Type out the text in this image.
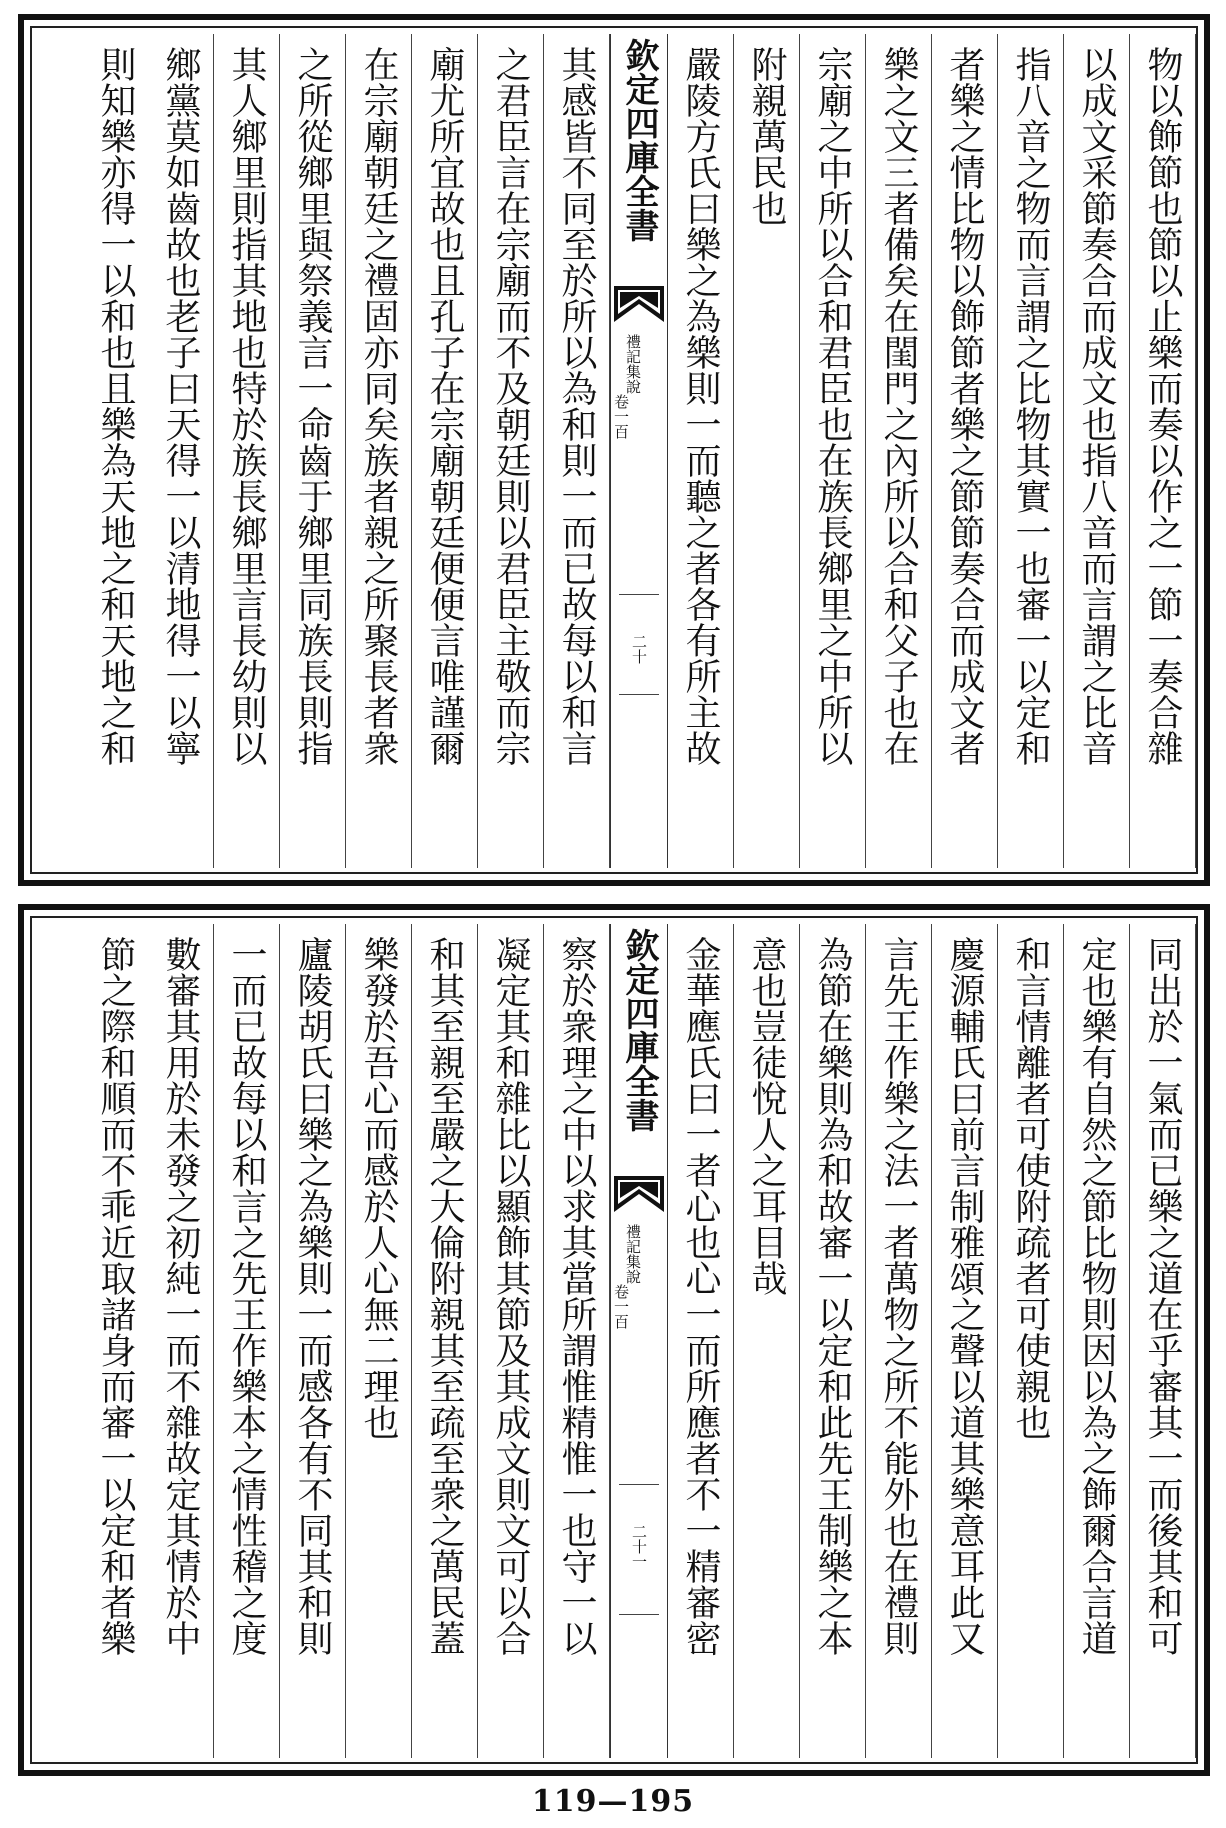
物以飾節也節以止樂而奏以作之一節一奏合雜
以成文采節奏合而成文也指八音而言謂之比音
指八音之物而言謂之比物其實一也審一以定和
者樂之情比物以飾節者樂之節節奏合而成文者
樂之文三者備矣在閨門之內所以合和父子也在
宗廟之中所以合和君臣也在族長鄉里之中所以
附親萬民也
嚴陵方氏曰樂之為樂則一而聽之者各有所主故
欽定四庫全書
禮記集說
卷一百
二十
其感皆不同至於所以為和則一而已故每以和言
之君臣言在宗廟而不及朝廷則以君臣主敬而宗
廟尤所宜故也且孔子在宗廟朝廷便便言唯謹爾
在宗廟朝廷之禮固亦同矣族者親之所聚長者衆
之所從鄉里與祭義言一命齒于鄉里同族長則指
其人鄉里則指其地也特於族長鄉里言長幼則以
鄉黨莫如齒故也老子曰天得一以清地得一以寧
則知樂亦得一以和也且樂為天地之和天地之和
同出於一氣而已樂之道在乎審其一而後其和可
定也樂有自然之節比物則因以為之飾爾合言道
和言情離者可使附疏者可使親也
慶源輔氏曰前言制雅頌之聲以道其樂意耳此又
言先王作樂之法一者萬物之所不能外也在禮則
為節在樂則為和故審一以定和此先王制樂之本
意也豈徒悅人之耳目哉
金華應氏曰一者心也心一而所應者不一精審密
欽定四庫全書
禮記集說
卷一百
二十一
察於衆理之中以求其當所謂惟精惟一也守一以
凝定其和雜比以顯飾其節及其成文則文可以合
和其至親至嚴之大倫附親其至疏至衆之萬民蓋
樂發於吾心而感於人心無二理也
廬陵胡氏曰樂之為樂則一而感各有不同其和則
一而已故每以和言之先王作樂本之情性稽之度
數審其用於未發之初純一而不雜故定其情於中
節之際和順而不乖近取諸身而審一以定和者樂
119—195
